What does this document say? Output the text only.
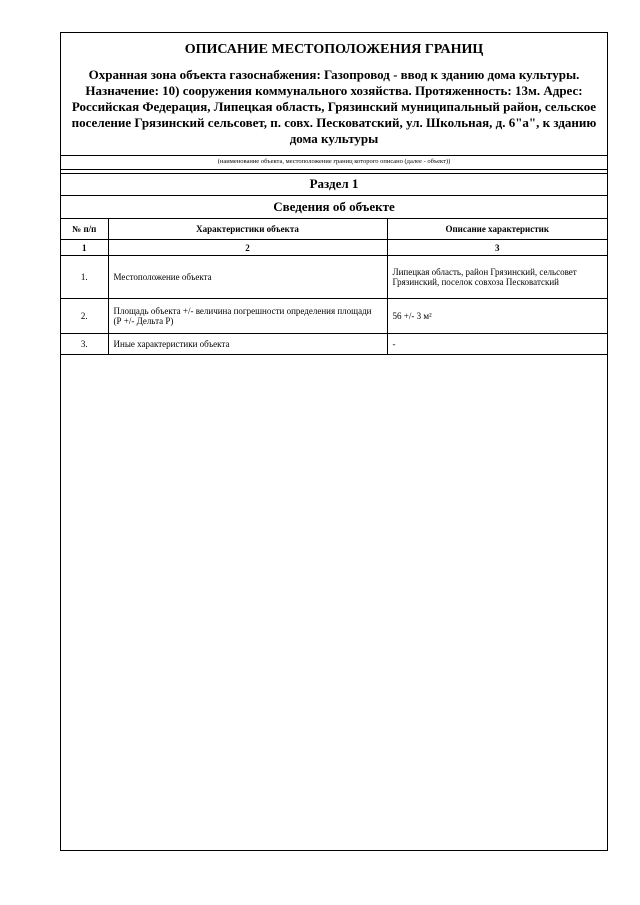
ОПИСАНИЕ МЕСТОПОЛОЖЕНИЯ ГРАНИЦ
Охранная зона объекта газоснабжения: Газопровод - ввод к зданию дома культуры. Назначение: 10) сооружения коммунального хозяйства. Протяженность: 13м. Адрес: Российская Федерация, Липецкая область, Грязинский муниципальный район, сельское поселение Грязинский сельсовет, п. совх. Песковатский, ул. Школьная, д. 6"а", к зданию дома культуры
(наименование объекта, местоположение границ которого описано (далее - объект))
Раздел 1
Сведения об объекте
№ п/п	Характеристики объекта	Описание характеристик
1	2	3
1.	Местоположение объекта	Липецкая область, район Грязинский, сельсовет Грязинский, поселок совхоза Песковатский
2.	Площадь объекта +/- величина погрешности определения площади (Р +/- Дельта Р)	56 +/- 3 м²
3.	Иные характеристики объекта	-
